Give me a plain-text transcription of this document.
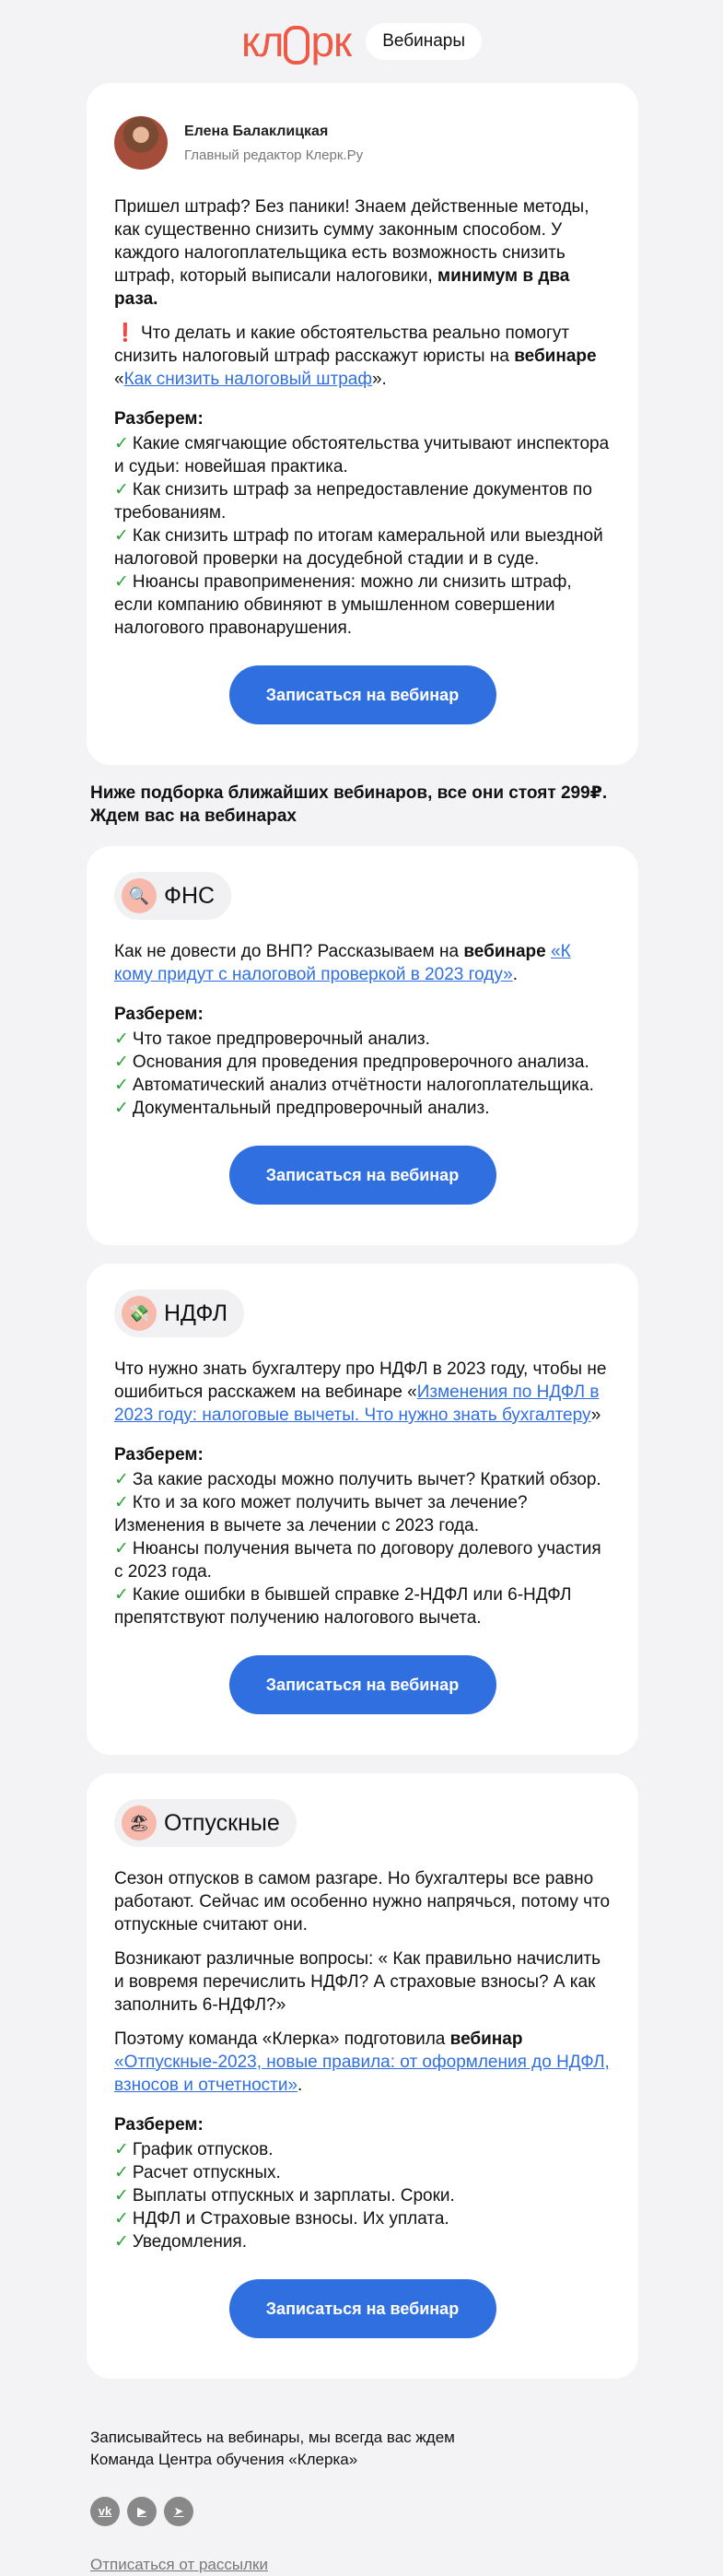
кл рк	Вебинары
Елена Балаклицкая
Главный редактор Клерк.Ру

Пришел штраф? Без паники! Знаем действенные методы, как существенно снизить сумму законным способом. У каждого налогоплательщика есть возможность снизить штраф, который выписали налоговики, минимум в два раза.

❗ Что делать и какие обстоятельства реально помогут снизить налоговый штраф расскажут юристы на вебинаре «Как снизить налоговый штраф».

Разберем:
✓ Какие смягчающие обстоятельства учитывают инспектора и судьи: новейшая практика.
✓ Как снизить штраф за непредоставление документов по требованиям.
✓ Как снизить штраф по итогам камеральной или выездной налоговой проверки на досудебной стадии и в суде.
✓ Нюансы правоприменения: можно ли снизить штраф, если компанию обвиняют в умышленном совершении налогового правонарушения.
Записаться на вебинар
Ниже подборка ближайших вебинаров, все они стоят 299₽. Ждем вас на вебинарах
🔍 ФНС

Как не довести до ВНП? Рассказываем на вебинаре «К кому придут с налоговой проверкой в 2023 году».

Разберем:
✓ Что такое предпроверочный анализ.
✓ Основания для проведения предпроверочного анализа.
✓ Автоматический анализ отчётности налогоплательщика.
✓ Документальный предпроверочный анализ.
Записаться на вебинар
💸 НДФЛ

Что нужно знать бухгалтеру про НДФЛ в 2023 году, чтобы не ошибиться расскажем на вебинаре «Изменения по НДФЛ в 2023 году: налоговые вычеты. Что нужно знать бухгалтеру»

Разберем:
✓ За какие расходы можно получить вычет? Краткий обзор.
✓ Кто и за кого может получить вычет за лечение? Изменения в вычете за лечении с 2023 года.
✓ Нюансы получения вычета по договору долевого участия с 2023 года.
✓ Какие ошибки в бывшей справке 2-НДФЛ или 6-НДФЛ препятствуют получению налогового вычета.
Записаться на вебинар
🏖 Отпускные

Сезон отпусков в самом разгаре. Но бухгалтеры все равно работают. Сейчас им особенно нужно напрячься, потому что отпускные считают они.

Возникают различные вопросы: « Как правильно начислить и вовремя перечислить НДФЛ? А страховые взносы? А как заполнить 6-НДФЛ?»

Поэтому команда «Клерка» подготовила вебинар «Отпускные-2023, новые правила: от оформления до НДФЛ, взносов и отчетности».

Разберем:
✓ График отпусков.
✓ Расчет отпускных.
✓ Выплаты отпускных и зарплаты. Сроки.
✓ НДФЛ и Страховые взносы. Их уплата.
✓ Уведомления.
Записаться на вебинар
Записывайтесь на вебинары, мы всегда вас ждем
Команда Центра обучения «Клерка»
vk	▶	➤
Отписаться от рассылки
